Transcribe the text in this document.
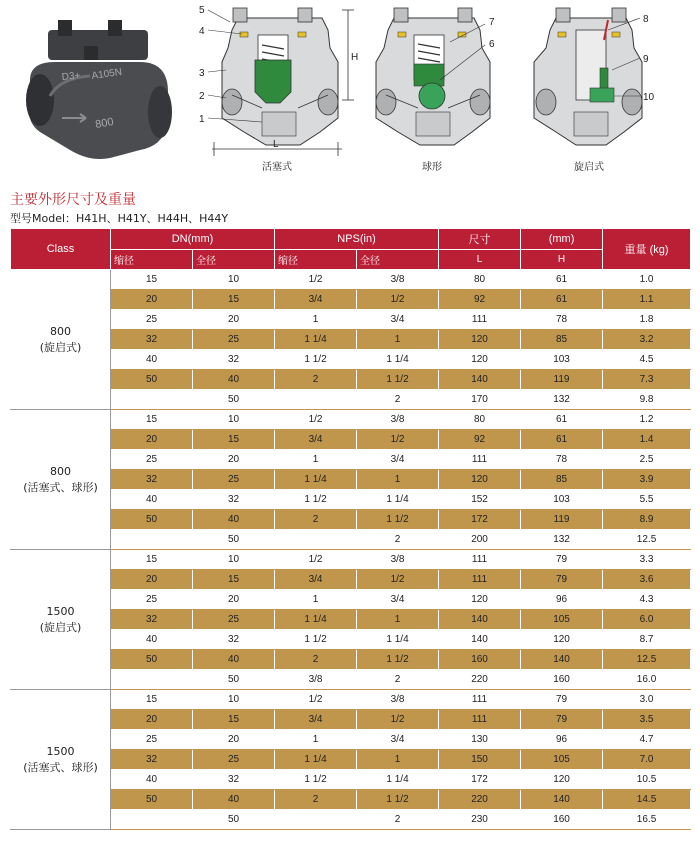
D3+ A105N
800
5
4
3
2
1
H
L
7
6
8
9
10
活塞式	球形	旋启式
主要外形尺寸及重量
型号Model：H41H、H41Y、H44H、H44Y
Class	DN(mm)		NPS(in)		尺寸	(mm)	重量 (kg)
	缩径	全径	缩径	全径	L	H	

800
(旋启式)	15	10	1/2	3/8	80	61	1.0
	20	15	3/4	1/2	92	61	1.1
	25	20	1	3/4	111	78	1.8
	32	25	1 1/4	1	120	85	3.2
	40	32	1 1/2	1 1/4	120	103	4.5
	50	40	2	1 1/2	140	119	7.3
		50		2	170	132	9.8

800
(活塞式、球形)	15	10	1/2	3/8	80	61	1.2
	20	15	3/4	1/2	92	61	1.4
	25	20	1	3/4	111	78	2.5
	32	25	1 1/4	1	120	85	3.9
	40	32	1 1/2	1 1/4	152	103	5.5
	50	40	2	1 1/2	172	119	8.9
		50		2	200	132	12.5

1500
(旋启式)	15	10	1/2	3/8	111	79	3.3
	20	15	3/4	1/2	111	79	3.6
	25	20	1	3/4	120	96	4.3
	32	25	1 1/4	1	140	105	6.0
	40	32	1 1/2	1 1/4	140	120	8.7
	50	40	2	1 1/2	160	140	12.5
		50	3/8	2	220	160	16.0

1500
(活塞式、球形)	15	10	1/2	3/8	111	79	3.0
	20	15	3/4	1/2	111	79	3.5
	25	20	1	3/4	130	96	4.7
	32	25	1 1/4	1	150	105	7.0
	40	32	1 1/2	1 1/4	172	120	10.5
	50	40	2	1 1/2	220	140	14.5
		50		2	230	160	16.5
